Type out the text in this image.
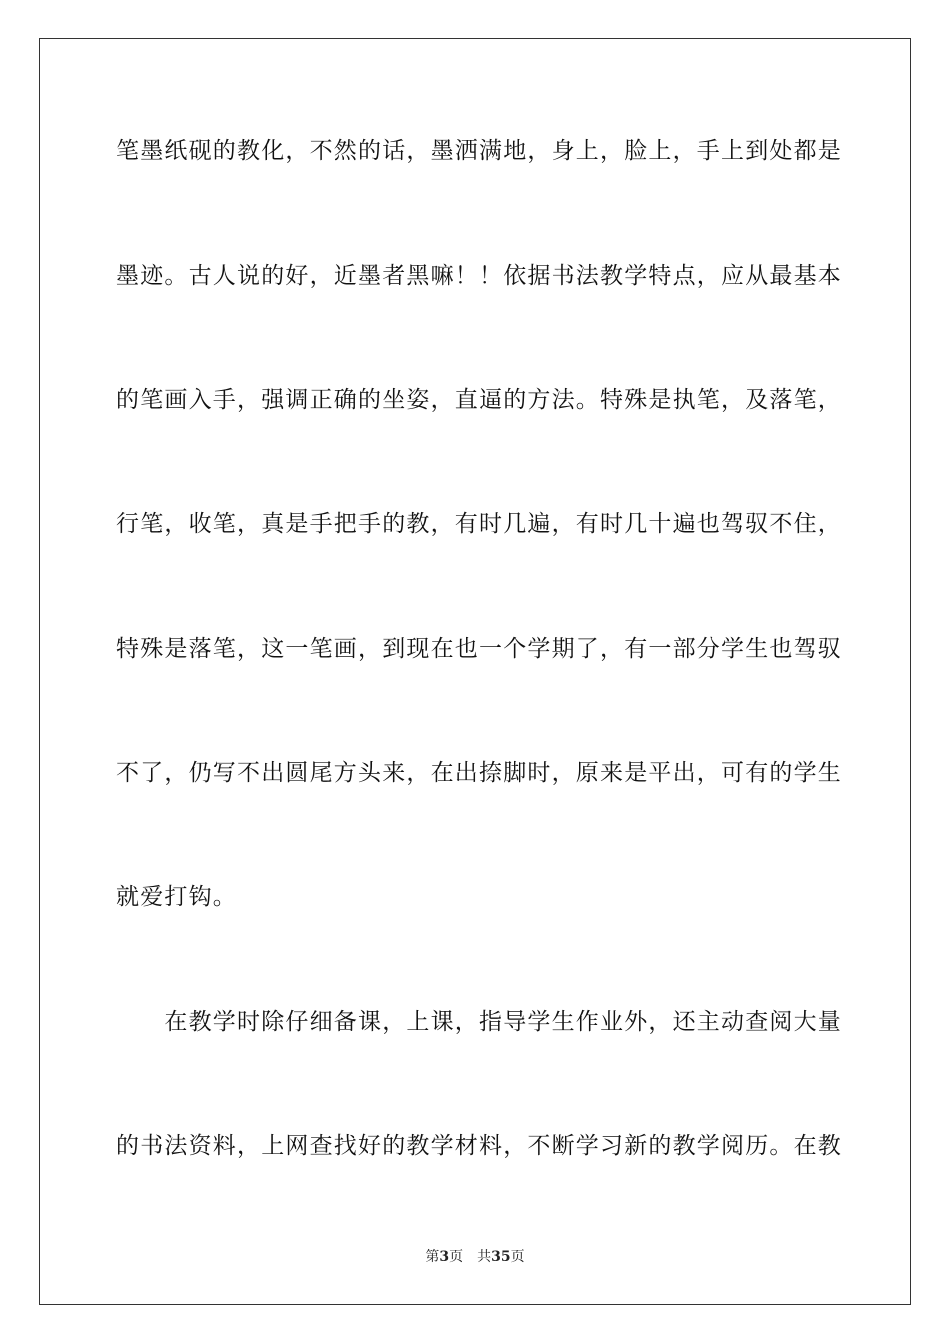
笔墨纸砚的教化，不然的话，墨洒满地，身上，脸上，手上到处都是
墨迹。古人说的好，近墨者黑嘛！！依据书法教学特点，应从最基本
的笔画入手，强调正确的坐姿，直逼的方法。特殊是执笔，及落笔，
行笔，收笔，真是手把手的教，有时几遍，有时几十遍也驾驭不住，
特殊是落笔，这一笔画，到现在也一个学期了，有一部分学生也驾驭
不了，仍写不出圆尾方头来，在出捺脚时，原来是平出，可有的学生
就爱打钩。
　　在教学时除仔细备课，上课，指导学生作业外，还主动查阅大量
的书法资料，上网查找好的教学材料，不断学习新的教学阅历。在教
第3页 共35页
